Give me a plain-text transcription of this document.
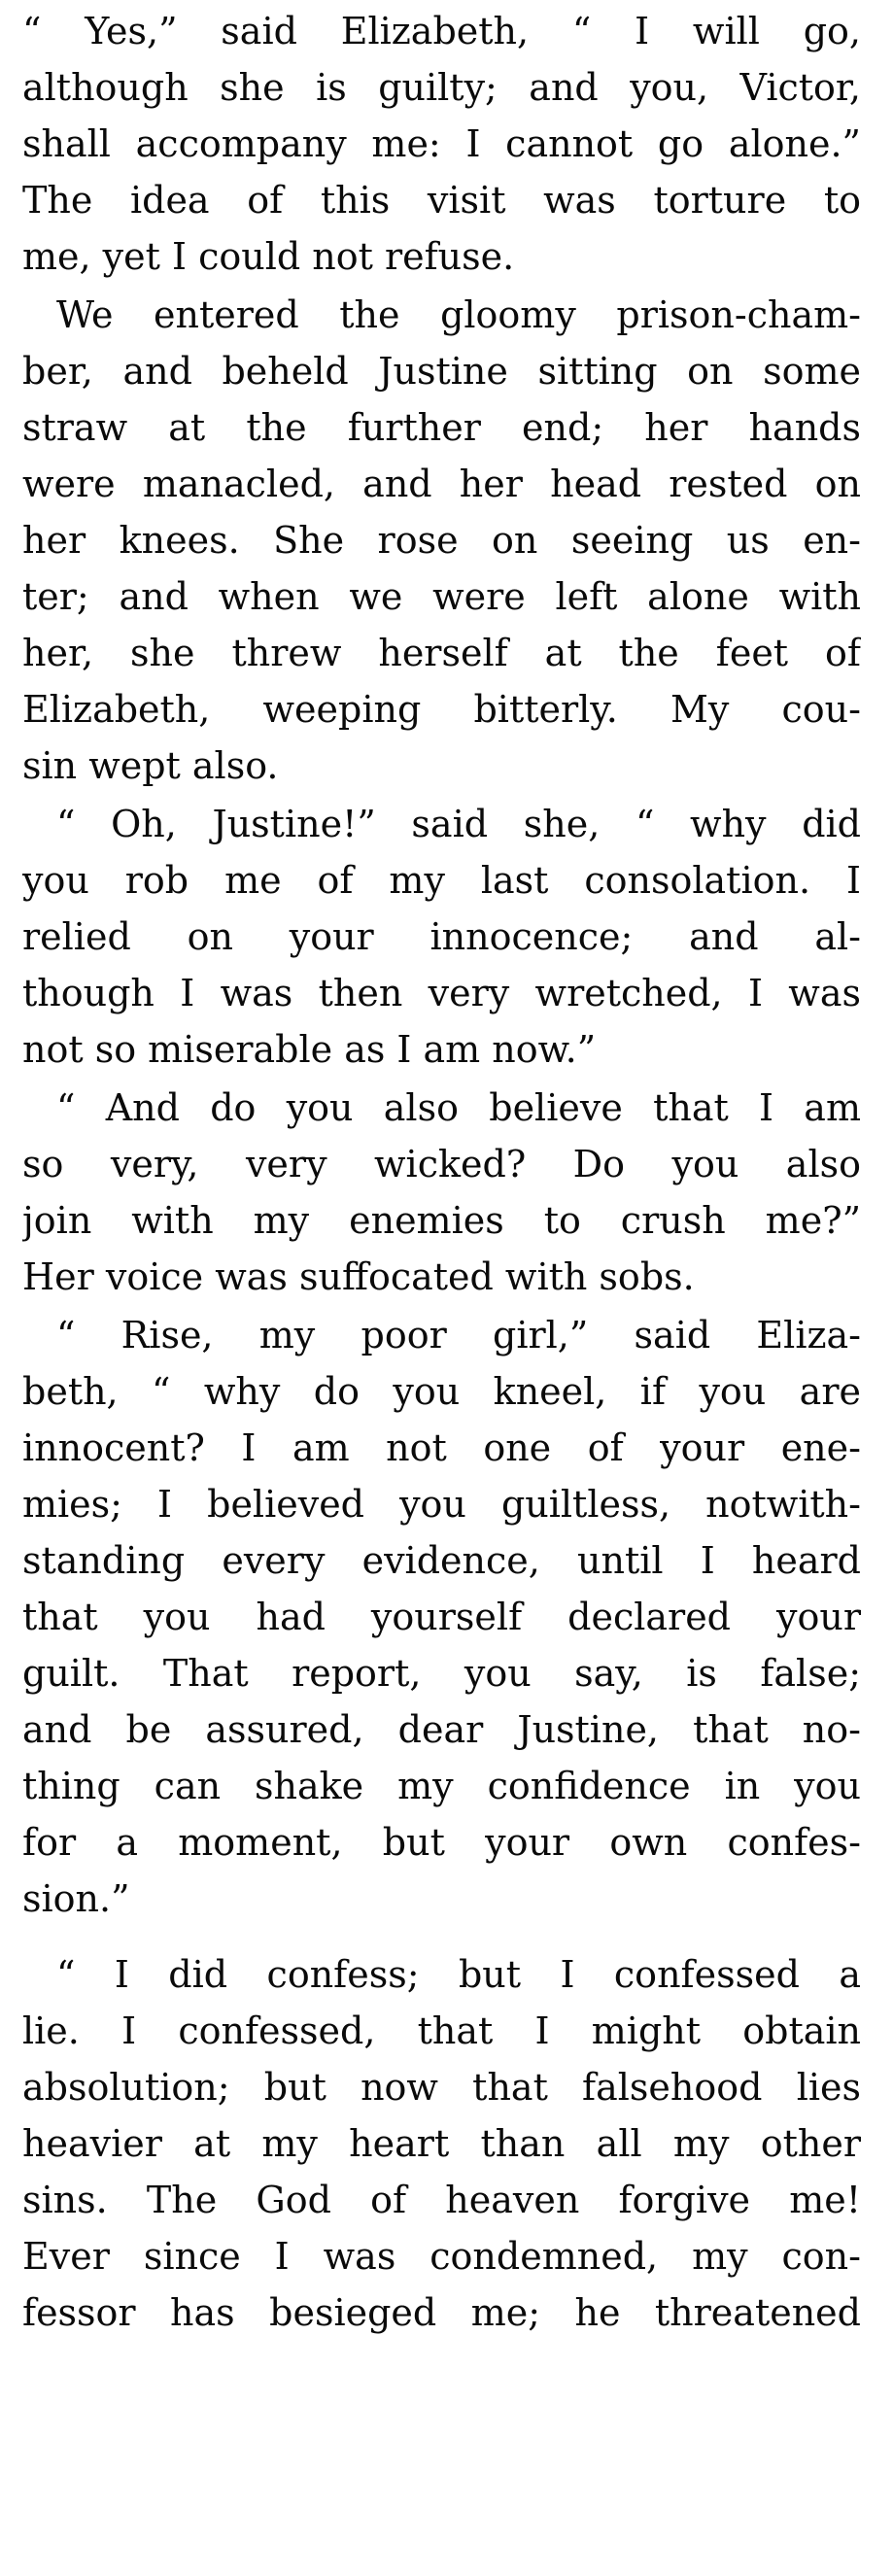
“ Yes,” said Elizabeth, “ I will go,
although she is guilty; and you, Victor,
shall accompany me: I cannot go alone.”
The idea of this visit was torture to
me, yet I could not refuse.
We entered the gloomy prison-cham-
ber, and beheld Justine sitting on some
straw at the further end; her hands
were manacled, and her head rested on
her knees. She rose on seeing us en-
ter; and when we were left alone with
her, she threw herself at the feet of
Elizabeth, weeping bitterly. My cou-
sin wept also.
“ Oh, Justine!” said she, “ why did
you rob me of my last consolation. I
relied on your innocence; and al-
though I was then very wretched, I was
not so miserable as I am now.”
“ And do you also believe that I am
so very, very wicked? Do you also
join with my enemies to crush me?”
Her voice was suffocated with sobs.
“ Rise, my poor girl,” said Eliza-
beth, “ why do you kneel, if you are
innocent? I am not one of your ene-
mies; I believed you guiltless, notwith-
standing every evidence, until I heard
that you had yourself declared your
guilt. That report, you say, is false;
and be assured, dear Justine, that no-
thing can shake my confidence in you
for a moment, but your own confes-
sion.”
“ I did confess; but I confessed a
lie. I confessed, that I might obtain
absolution; but now that falsehood lies
heavier at my heart than all my other
sins. The God of heaven forgive me!
Ever since I was condemned, my con-
fessor has besieged me; he threatened
